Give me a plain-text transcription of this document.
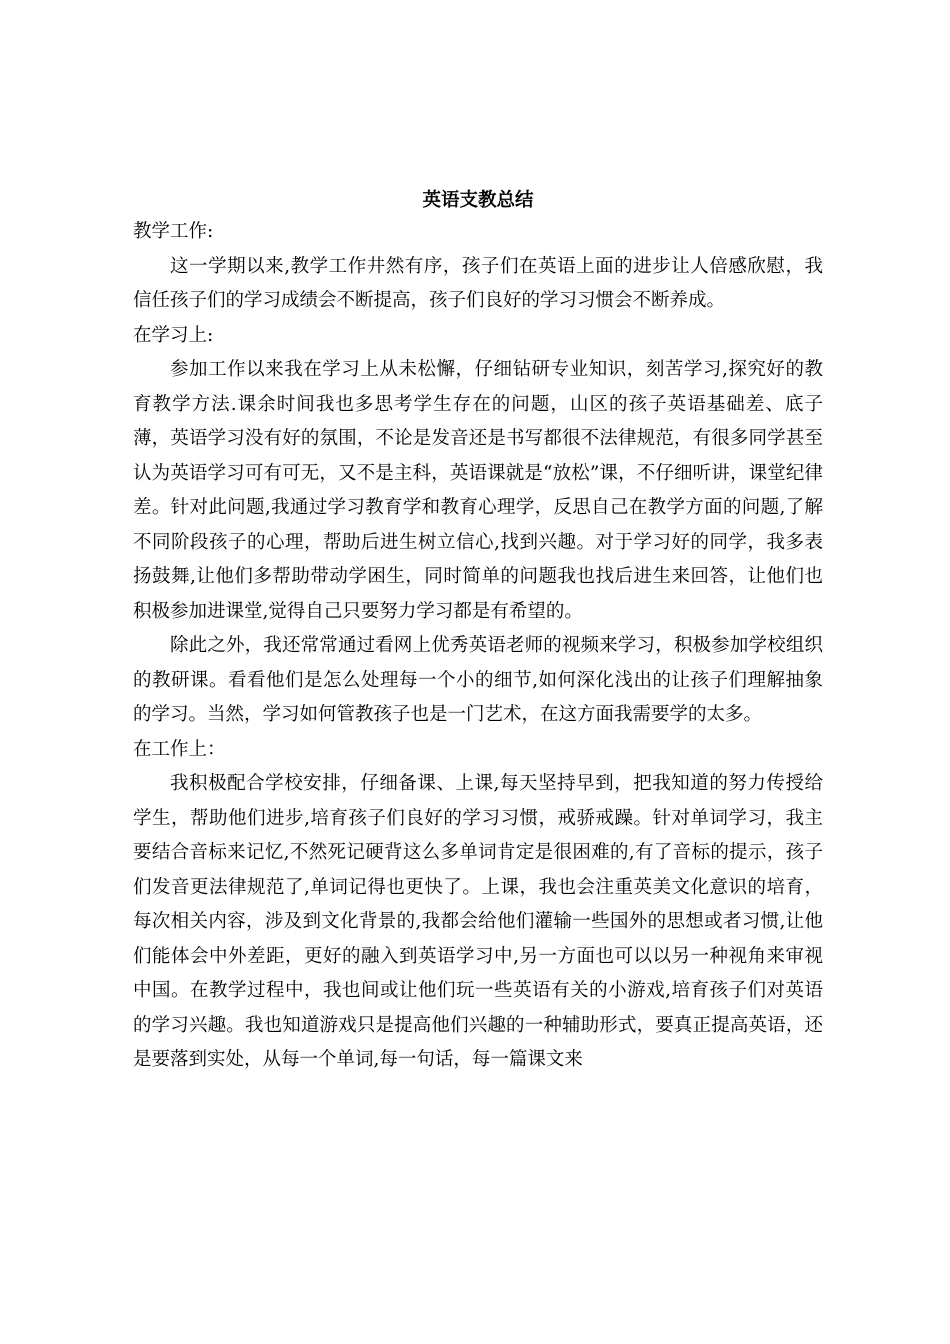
英语支教总结

教学工作:

这一学期以来,教学工作井然有序，孩子们在英语上面的进步让人倍感欣慰，我信任孩子们的学习成绩会不断提高，孩子们良好的学习习惯会不断养成。

在学习上:

参加工作以来我在学习上从未松懈，仔细钻研专业知识，刻苦学习,探究好的教育教学方法.课余时间我也多思考学生存在的问题，山区的孩子英语基础差、底子薄，英语学习没有好的氛围，不论是发音还是书写都很不法律规范，有很多同学甚至认为英语学习可有可无，又不是主科，英语课就是“放松”课，不仔细听讲，课堂纪律差。针对此问题,我通过学习教育学和教育心理学，反思自己在教学方面的问题,了解不同阶段孩子的心理，帮助后进生树立信心,找到兴趣。对于学习好的同学，我多表扬鼓舞,让他们多帮助带动学困生，同时简单的问题我也找后进生来回答，让他们也积极参加进课堂,觉得自己只要努力学习都是有希望的。

除此之外，我还常常通过看网上优秀英语老师的视频来学习，积极参加学校组织的教研课。看看他们是怎么处理每一个小的细节,如何深化浅出的让孩子们理解抽象的学习。当然，学习如何管教孩子也是一门艺术，在这方面我需要学的太多。

在工作上：

我积极配合学校安排，仔细备课、上课,每天坚持早到，把我知道的努力传授给学生，帮助他们进步,培育孩子们良好的学习习惯，戒骄戒躁。针对单词学习，我主要结合音标来记忆,不然死记硬背这么多单词肯定是很困难的,有了音标的提示，孩子们发音更法律规范了,单词记得也更快了。上课，我也会注重英美文化意识的培育，每次相关内容，涉及到文化背景的,我都会给他们灌输一些国外的思想或者习惯,让他们能体会中外差距，更好的融入到英语学习中,另一方面也可以以另一种视角来审视中国。在教学过程中，我也间或让他们玩一些英语有关的小游戏,培育孩子们对英语的学习兴趣。我也知道游戏只是提高他们兴趣的一种辅助形式，要真正提高英语，还是要落到实处，从每一个单词,每一句话，每一篇课文来
